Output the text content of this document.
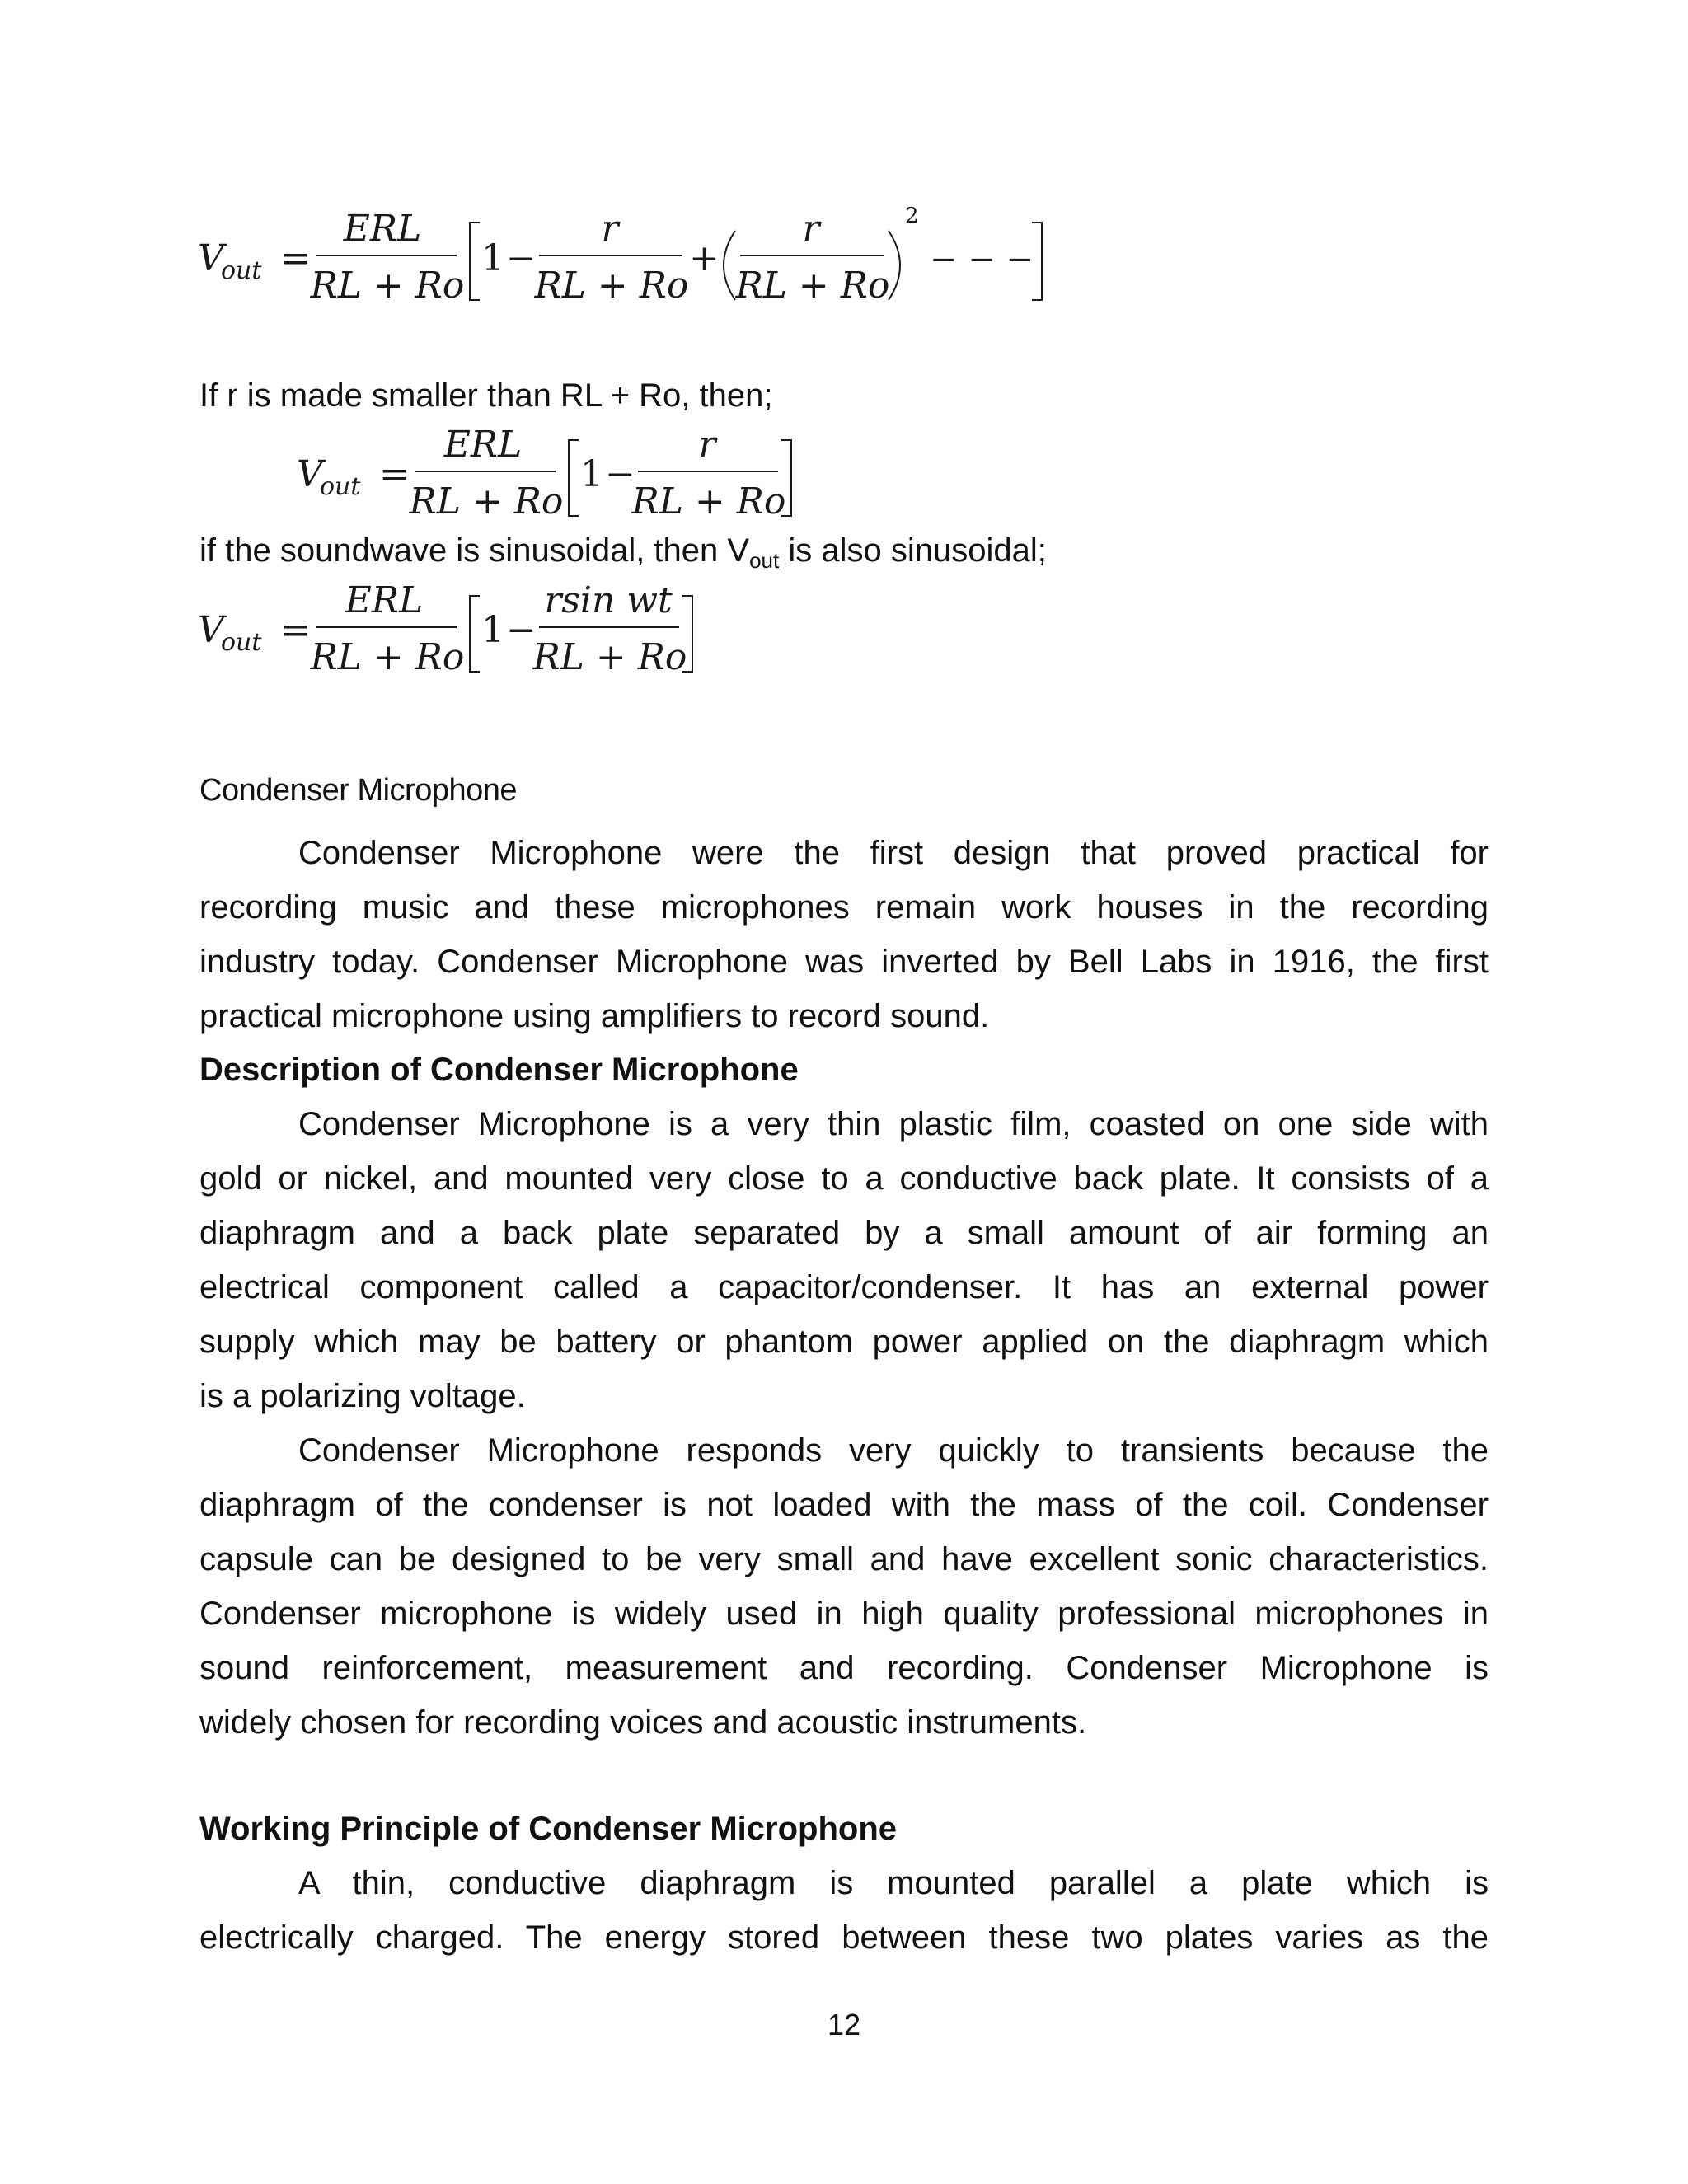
V
out =
ERL
RL + Ro
1 −
r
RL + Ro
+
r
RL + Ro
2
− − −
If r is made smaller than RL + Ro, then;
V
out =
ERL
RL + Ro
1 −
r
RL + Ro
if the soundwave is sinusoidal, then $V_{out}$ is also sinusoidal;
V
out =
ERL
RL + Ro
1 −
rsin wt
RL + Ro
Condenser Microphone
Condenser Microphone were the first design that proved practical for
recording music and these microphones remain work houses in the recording
industry today. Condenser Microphone was inverted by Bell Labs in 1916, the first
practical microphone using amplifiers to record sound.
Description of Condenser Microphone
Condenser Microphone is a very thin plastic film, coasted on one side with
gold or nickel, and mounted very close to a conductive back plate. It consists of a
diaphragm and a back plate separated by a small amount of air forming an
electrical component called a capacitor/condenser. It has an external power
supply which may be battery or phantom power applied on the diaphragm which
is a polarizing voltage.
Condenser Microphone responds very quickly to transients because the
diaphragm of the condenser is not loaded with the mass of the coil. Condenser
capsule can be designed to be very small and have excellent sonic characteristics.
Condenser microphone is widely used in high quality professional microphones in
sound reinforcement, measurement and recording. Condenser Microphone is
widely chosen for recording voices and acoustic instruments.
Working Principle of Condenser Microphone
A thin, conductive diaphragm is mounted parallel a plate which is
electrically charged. The energy stored between these two plates varies as the
12
